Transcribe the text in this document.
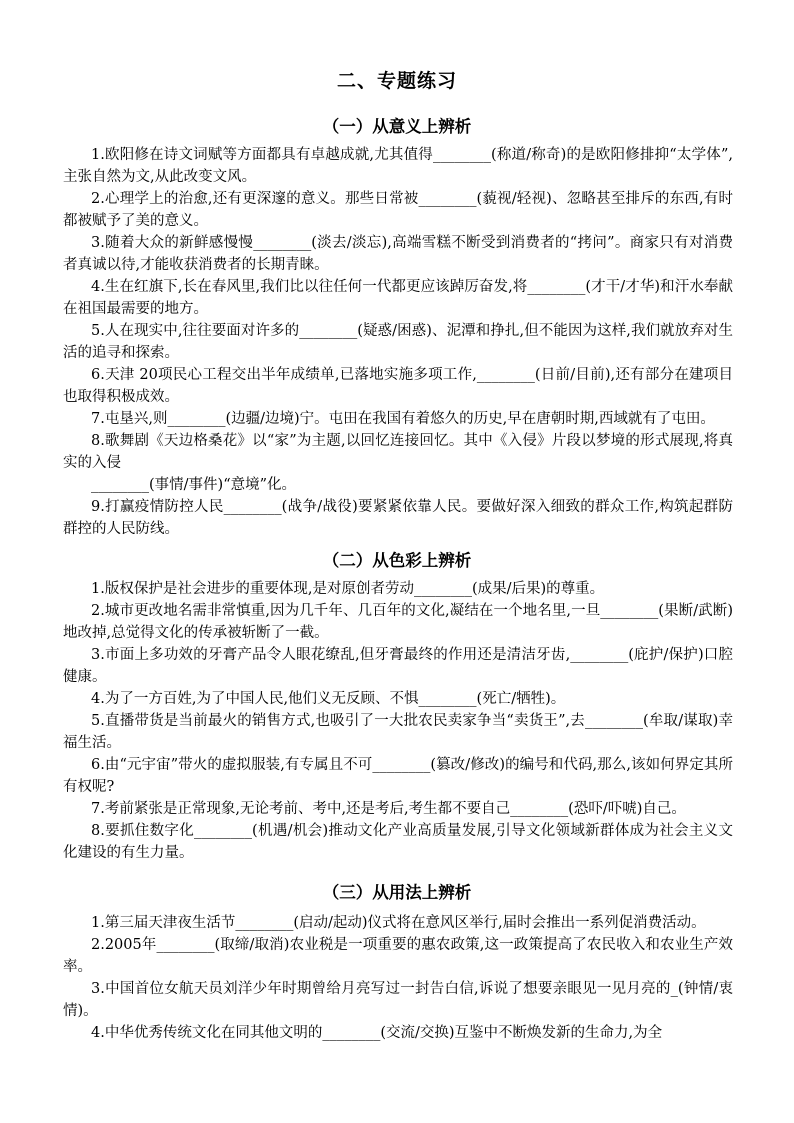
二、专题练习
（一）从意义上辨析

1.欧阳修在诗文词赋等方面都具有卓越成就,尤其值得________(称道/称奇)的是欧阳修排抑“太学体”,主张自然为文,从此改变文风。

2.心理学上的治愈,还有更深邃的意义。那些日常被________(藐视/轻视)、忽略甚至排斥的东西,有时都被赋予了美的意义。

3.随着大众的新鲜感慢慢________(淡去/淡忘),高端雪糕不断受到消费者的“拷问”。商家只有对消费者真诚以待,才能收获消费者的长期青睐。

4.生在红旗下,长在春风里,我们比以往任何一代都更应该踔厉奋发,将________(才干/才华)和汗水奉献在祖国最需要的地方。

5.人在现实中,往往要面对许多的________(疑惑/困惑)、泥潭和挣扎,但不能因为这样,我们就放弃对生活的追寻和探索。

6.天津 20项民心工程交出半年成绩单,已落地实施多项工作,________(日前/目前),还有部分在建项目也取得积极成效。

7.屯垦兴,则________(边疆/边境)宁。屯田在我国有着悠久的历史,早在唐朝时期,西域就有了屯田。

8.歌舞剧《天边格桑花》以“家”为主题,以回忆连接回忆。其中《入侵》片段以梦境的形式展现,将真实的入侵

________(事情/事件)“意境”化。

9.打赢疫情防控人民________(战争/战役)要紧紧依靠人民。要做好深入细致的群众工作,构筑起群防群控的人民防线。

（二）从色彩上辨析

1.版权保护是社会进步的重要体现,是对原创者劳动________(成果/后果)的尊重。

2.城市更改地名需非常慎重,因为几千年、几百年的文化,凝结在一个地名里,一旦________(果断/武断)地改掉,总觉得文化的传承被斩断了一截。

3.市面上多功效的牙膏产品令人眼花缭乱,但牙膏最终的作用还是清洁牙齿,________(庇护/保护)口腔健康。

4.为了一方百姓,为了中国人民,他们义无反顾、不惧________(死亡/牺牲)。

5.直播带货是当前最火的销售方式,也吸引了一大批农民卖家争当“卖货王”,去________(牟取/谋取)幸福生活。

6.由“元宇宙”带火的虚拟服装,有专属且不可________(篡改/修改)的编号和代码,那么,该如何界定其所有权呢?

7.考前紧张是正常现象,无论考前、考中,还是考后,考生都不要自己________(恐吓/吓唬)自己。

8.要抓住数字化________(机遇/机会)推动文化产业高质量发展,引导文化领域新群体成为社会主义文化建设的有生力量。

（三）从用法上辨析

1.第三届天津夜生活节________(启动/起动)仪式将在意风区举行,届时会推出一系列促消费活动。

2.2005年________(取缔/取消)农业税是一项重要的惠农政策,这一政策提高了农民收入和农业生产效率。

3.中国首位女航天员刘洋少年时期曾给月亮写过一封告白信,诉说了想要亲眼见一见月亮的_(钟情/衷情)。

4.中华优秀传统文化在同其他文明的________(交流/交换)互鉴中不断焕发新的生命力,为全
